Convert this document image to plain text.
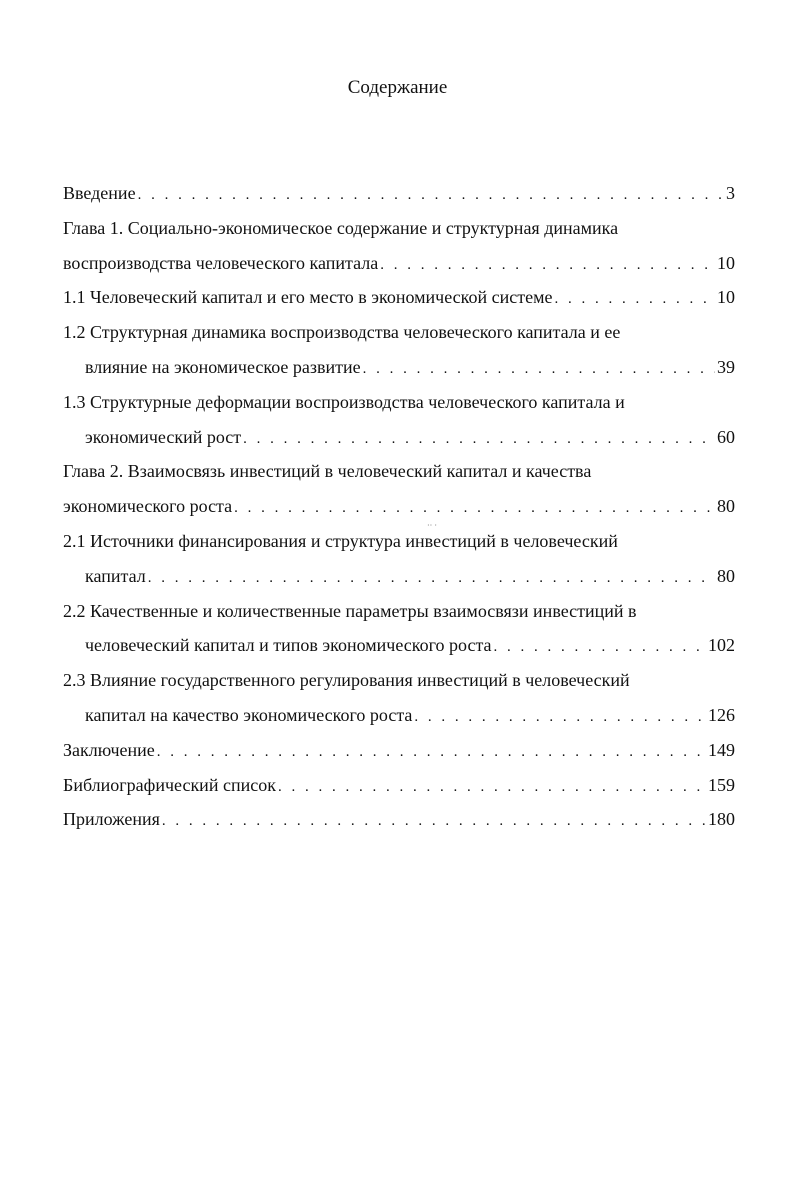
Содержание
Введение . . .	3
Глава 1. Социально-экономическое содержание и структурная динамика
воспроизводства человеческого капитала . . .	10
1.1 Человеческий капитал и его место в экономической системе . . .	10
1.2 Структурная динамика воспроизводства человеческого капитала и ее
влияние на экономическое развитие . . .	39
1.3 Структурные деформации воспроизводства человеческого капитала и
экономический рост . . .	60
Глава 2. Взаимосвязь инвестиций в человеческий капитал и качества
экономического роста . . .	80
2.1 Источники финансирования и структура инвестиций в человеческий
капитал . . .	80
2.2 Качественные и количественные параметры взаимосвязи инвестиций в
человеческий капитал и типов экономического роста . . .	102
2.3 Влияние государственного регулирования инвестиций в человеческий
капитал на качество экономического роста . . .	126
Заключение . . .	149
Библиографический список . . .	159
Приложения . . .	180
·· ·
